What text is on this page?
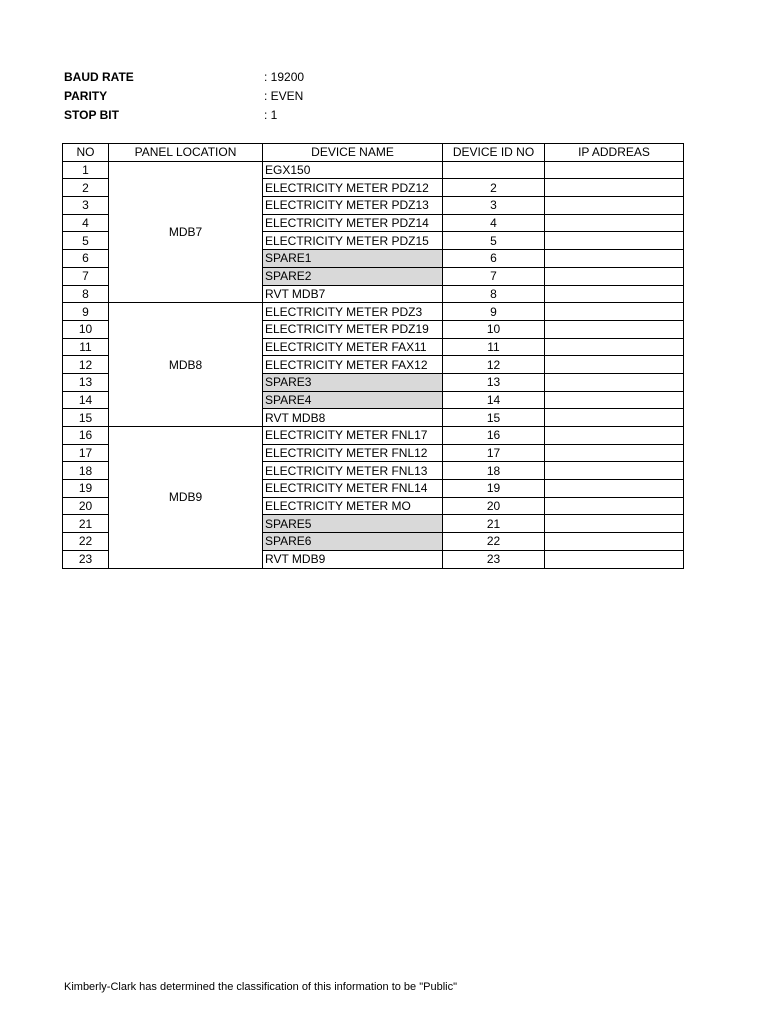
BAUD RATE	: 19200
PARITY	: EVEN
STOP BIT	: 1
NO	PANEL LOCATION	DEVICE NAME	DEVICE ID NO	IP ADDREAS
1	MDB7	EGX150		
2		ELECTRICITY METER PDZ12	2	
3		ELECTRICITY METER PDZ13	3	
4		ELECTRICITY METER PDZ14	4	
5		ELECTRICITY METER PDZ15	5	
6		SPARE1	6	
7		SPARE2	7	
8		RVT MDB7	8	
9	MDB8	ELECTRICITY METER PDZ3	9	
10		ELECTRICITY METER PDZ19	10	
11		ELECTRICITY METER FAX11	11	
12		ELECTRICITY METER FAX12	12	
13		SPARE3	13	
14		SPARE4	14	
15		RVT MDB8	15	
16	MDB9	ELECTRICITY METER FNL17	16	
17		ELECTRICITY METER FNL12	17	
18		ELECTRICITY METER FNL13	18	
19		ELECTRICITY METER FNL14	19	
20		ELECTRICITY METER MO	20	
21		SPARE5	21	
22		SPARE6	22	
23		RVT MDB9	23	
Kimberly-Clark has determined the classification of this information to be "Public"
